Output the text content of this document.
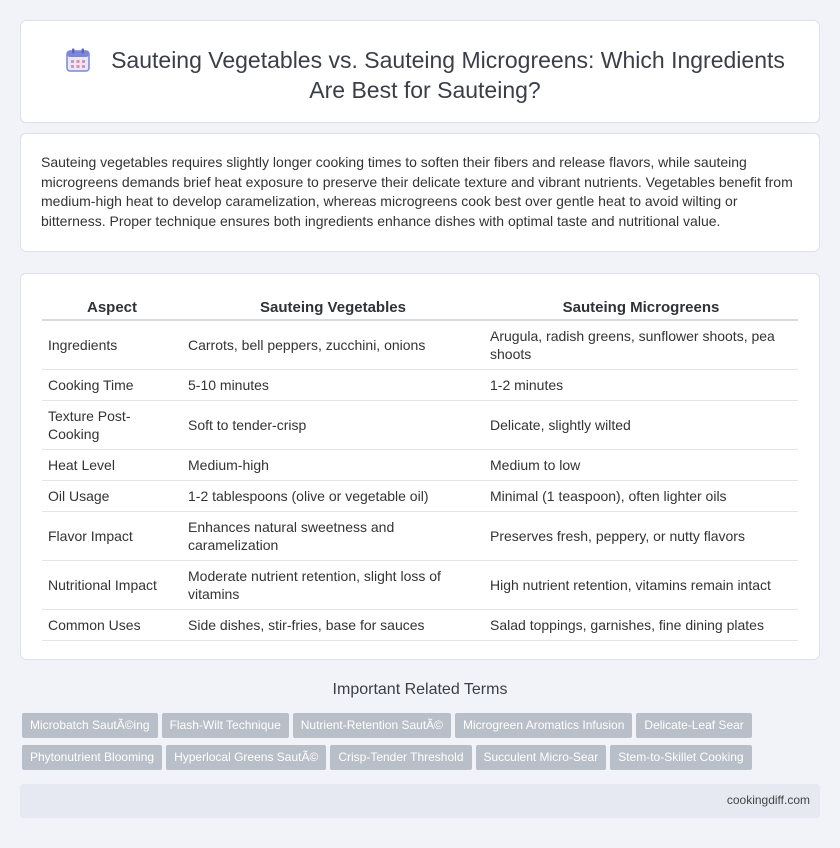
Sauteing Vegetables vs. Sauteing Microgreens: Which Ingredients Are Best for Sauteing?

Sauteing vegetables requires slightly longer cooking times to soften their fibers and release flavors, while sauteing microgreens demands brief heat exposure to preserve their delicate texture and vibrant nutrients. Vegetables benefit from medium-high heat to develop caramelization, whereas microgreens cook best over gentle heat to avoid wilting or bitterness. Proper technique ensures both ingredients enhance dishes with optimal taste and nutritional value.

Aspect	Sauteing Vegetables	Sauteing Microgreens
Ingredients	Carrots, bell peppers, zucchini, onions	Arugula, radish greens, sunflower shoots, pea shoots
Cooking Time	5-10 minutes	1-2 minutes
Texture Post-Cooking	Soft to tender-crisp	Delicate, slightly wilted
Heat Level	Medium-high	Medium to low
Oil Usage	1-2 tablespoons (olive or vegetable oil)	Minimal (1 teaspoon), often lighter oils
Flavor Impact	Enhances natural sweetness and caramelization	Preserves fresh, peppery, or nutty flavors
Nutritional Impact	Moderate nutrient retention, slight loss of vitamins	High nutrient retention, vitamins remain intact
Common Uses	Side dishes, stir-fries, base for sauces	Salad toppings, garnishes, fine dining plates
Important Related Terms
Microbatch SautÃ©ing Flash-Wilt Technique Nutrient-Retention SautÃ© Microgreen Aromatics Infusion Delicate-Leaf Sear
Phytonutrient Blooming Hyperlocal Greens SautÃ© Crisp-Tender Threshold Succulent Micro-Sear Stem-to-Skillet Cooking
cookingdiff.com
